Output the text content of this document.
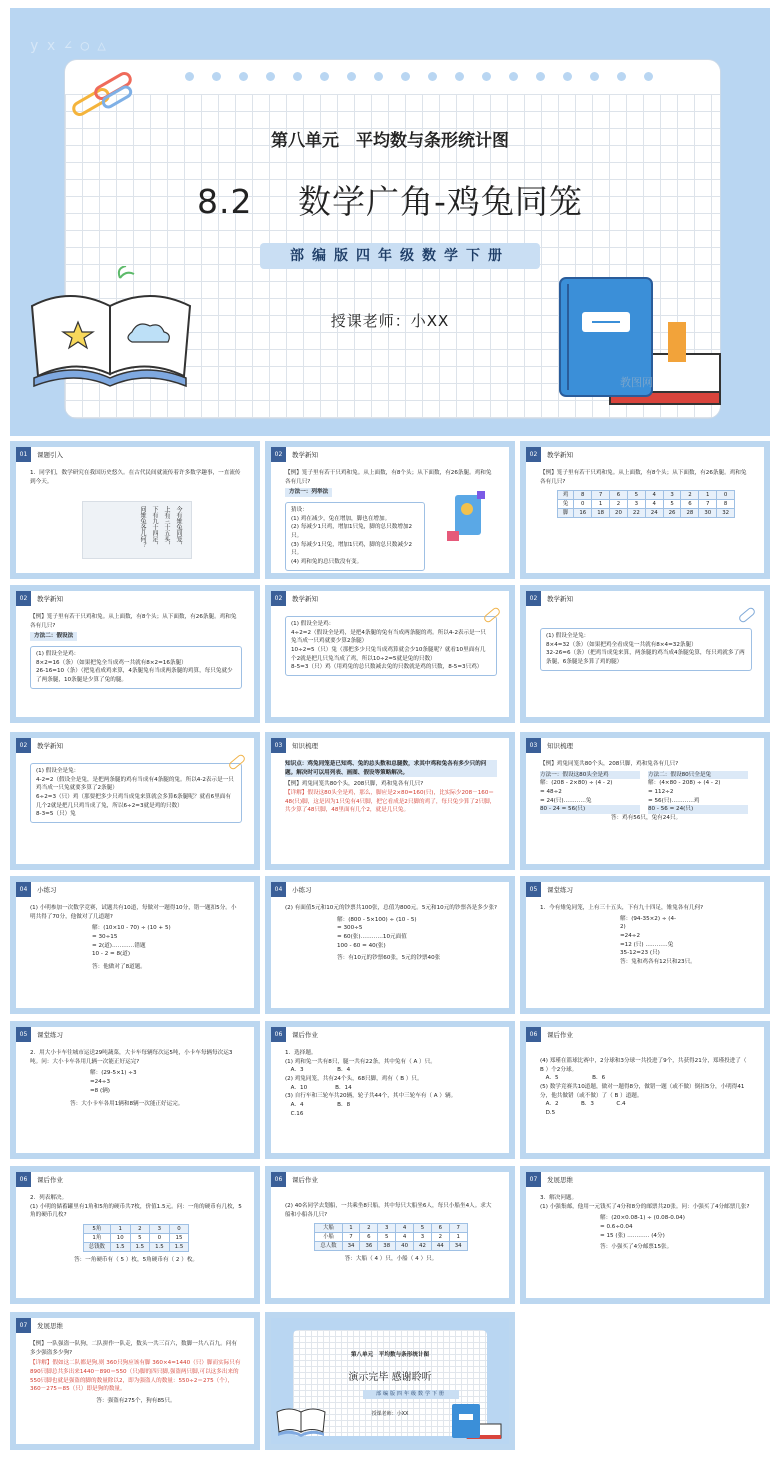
y x ∠ ○ △
第八单元　平均数与条形统计图
8.2　 数学广角-鸡兔同笼
部编版四年级数学下册
授课老师：小XX
教图网
01	课题引入

1．同学们，数学研究在我国历史悠久。在古代民间就流传着许多数学趣事，一直流传到今天。

今有雉兔同笼，
上有三十五头，
下有九十四足，
问雉兔各几何？
02	教学新知

【例】笼子里有若干只鸡和兔。从上面数，有8个头；从下面数，有26条腿。鸡和兔各有几只?

方法一：列举法

猜设：

(1) 鸡在减少，兔在增加，脚也在增加。

(2) 每减少1只鸡，增加1只兔，脚的总只数增加2只。

(3) 每减少1只兔，增加1只鸡，脚的总只数减少2只。

(4) 鸡和兔的总只数没有变。

02	教学新知

【例】笼子里有若干只鸡和兔。从上面数，有8个头；从下面数，有26条腿。鸡和兔各有几只?

鸡	8	7	6	5	4	3	2	1	0
兔	0	1	2	3	4	5	6	7	8
脚	16	18	20	22	24	26	28	30	32
02	教学新知

【例】笼子里有若干只鸡和兔。从上面数，有8个头；从下面数，有26条腿。鸡和兔各有几只?

方法二：假设法

(1) 假设全是鸡：

8×2=16（条）（如果把兔全当成鸡一共就有8×2=16条腿）

26-16=10（条）（把兔看成鸡来算，4条腿兔有当成两条腿的鸡算，每只兔就少了两条腿，10条腿是少算了兔的腿。

02	教学新知

(1) 假设全是鸡：

4÷2=2（假设全是鸡，是把4条腿的兔有当成两条腿的鸡。所以4-2表示是一只兔当成一只鸡就要少算2条腿）

10÷2=5（只）兔（那把多少只兔当成鸡算就会少10条腿呢？就看10里面有几个2就是把几只兔当成了鸡，所以10÷2=5就是兔的只数）

8-5=3（只）鸡（用鸡兔的总只数减去兔的只数就是鸡的只数，8-5=3只鸡）

02	教学新知

(1) 假设全是兔：

8×4=32（条）（如果把鸡全看成兔一共就有8×4=32条腿）

32-26=6（条）（把鸡当成兔来算，两条腿的鸡当成4条腿兔算，每只鸡就多了两条腿，6条腿是多算了鸡的腿）

02	教学新知

(1) 假设全是兔：

4-2=2（假设全是兔，是把两条腿的鸡有当成有4条腿的兔。所以4-2表示是一只鸡当成一只兔就要多算了2条腿）

6÷2=3（只）鸡（那要把多少只鸡当成兔来算就会多算6条腿呢？就看6里面有几个2就是把几只鸡当成了兔，所以6÷2=3就是鸡的只数）

8-3=5（只）兔

03	知识梳理

知识点：鸡兔同笼是已知鸡、兔的总头数和总腿数，求其中鸡和兔各有多少只的问题。解决时可以用列表、画图、假设等策略解决。

【例】鸡兔同笼共80个头，208只脚，鸡和兔各有几只?

【详解】假设这80头全是鸡，那么，脚应是2×80=160(只)，比实际少208－160＝48(只)脚，这是因为1只兔有4只脚，把它看成是2只脚的鸡了，每只兔少算了2只脚，共少算了48只脚，48里面有几个2，就是几只兔。

03	知识梳理

【例】鸡兔同笼共80个头，208只脚，鸡和兔各有几只?

方法一：假设这80头全是鸡

解：(208 - 2×80) ÷ (4 - 2)

= 48÷2

= 24(只)…………兔

80 - 24 = 56(只)

方法二：假设80只全是兔

解：(4×80 - 208) ÷ (4 - 2)

= 112÷2

= 56(只)…………鸡

80 - 56 = 24(只)

答：鸡有56只，兔有24只。

04	小练习

(1) 小明参加一次数学竞赛，试题共有10道，每做对一题得10分，错一题扣5分。小明共得了70分，他做对了几道题?

解：(10×10 - 70) ÷ (10 + 5)

= 30÷15

= 2(道)…………错题

10 - 2 = 8(道)

答：他做对了8道题。

04	小练习

(2) 有面值5元和10元的钞票共100张，总值为800元。5元和10元的钞票各是多少张?

解：(800 - 5×100) ÷ (10 - 5)

= 300÷5

= 60(张)…………10元面值

100 - 60 = 40(张)

答：有10元的钞票60张，5元的钞票40张

05	课堂练习

1．今有雉兔同笼，上有三十五头，下有九十四足，雉兔各有几何?

解：(94-35×2) ÷ (4-

2)

=24÷2

=12 (只) …………兔

35-12=23 (只)

答：兔和鸡各有12只和23只。

05	课堂练习

2．用大小卡车往城市运送29吨蔬菜，大卡车每辆每次运5吨，小卡车每辆每次运3吨。问：大小卡车各用几辆一次能正好运完?

解：(29-5×1) ÷3

=24÷3

=8 (辆)

答：大小卡车各用1辆和8辆一次能正好运完。

06	课后作业

1．选择题。

(1) 鸡和兔一共有8只，腿一共有22条，其中兔有（ A ）只。

　A．3　　　　　　B．4

(2) 鸡兔同笼，共有24个头，68只脚，鸡有（ B ）只。

　A．10　　　　　B．14

(3) 自行车和三轮车共20辆，轮子共44个，其中三轮车有（ A ）辆。

　A．4　　　　　　B．8

　C.16

06	课后作业

(4) 郑瑾在篮球比赛中，2分球和3分球一共投进了9个，共获得21分，郑瑾投进了（ B ）个2分球。

　A．5　　　　　　B．6

(5) 数学竞赛共10道题，做对一题得8分，做错一题（或不做）倒扣5分，小明得41分，他共做错（或不做）了（ B ）道题。

　A．2　　　　B．3　　　　C.4

　D.5

06	课后作业

2．列表解决。

(1) 小明的储蓄罐里有1角和5角的硬币共7枚，价值1.5元。问：一角的硬币有几枚，5角的硬币几枚?

5角	1	2	3	0
1角	10	5	0	15
总钱数	1.5	1.5	1.5	1.5

答：一角硬币有（ 5 ）枚，5角硬币有（ 2 ）枚。

06	课后作业

(2) 40名同学去划船，一共乘坐8只船，其中每只大船坐6人，每只小船坐4人。求大船和小船各几只?

大船	1	2	3	4	5	6	7
小船	7	6	5	4	3	2	1
总人数	34	36	38	40	42	44	34

答：大船（ 4 ）只，小船（ 4 ）只。

07	发展思维

3．解决问题。

(1) 小强集邮，他用一元钱买了4分和8分的邮票共20张。问：小强买了4分邮票几张?

解：(20×0.08-1) ÷ (0.08-0.04)

= 0.6÷0.04

= 15 (张) ………… (4分)

答：小强买了4分邮票15张。

07	发展思维

【例】一队强盗一队狗，二队拼作一队走，数头一共三百六，数脚一共八百九。问有多少强盗多少狗?

【详解】假如这二队都是狗,则 360只狗应该有脚 360×4=1440（只）脚而实际只有890只脚总共多出来1440－890＝550（只)脚的四只脚,强盗两只脚,可以这多出来的550只脚也就是强盗的脚的数量除以2，即为强盗人的数量：550÷2＝275（个），360－275＝85（只）即是狗的数量。

答：强盗有275个，狗有85只。

第八单元　平均数与条形统计图
演示完毕 感谢聆听
部编版四年级数学下册
授课老师：小XX
